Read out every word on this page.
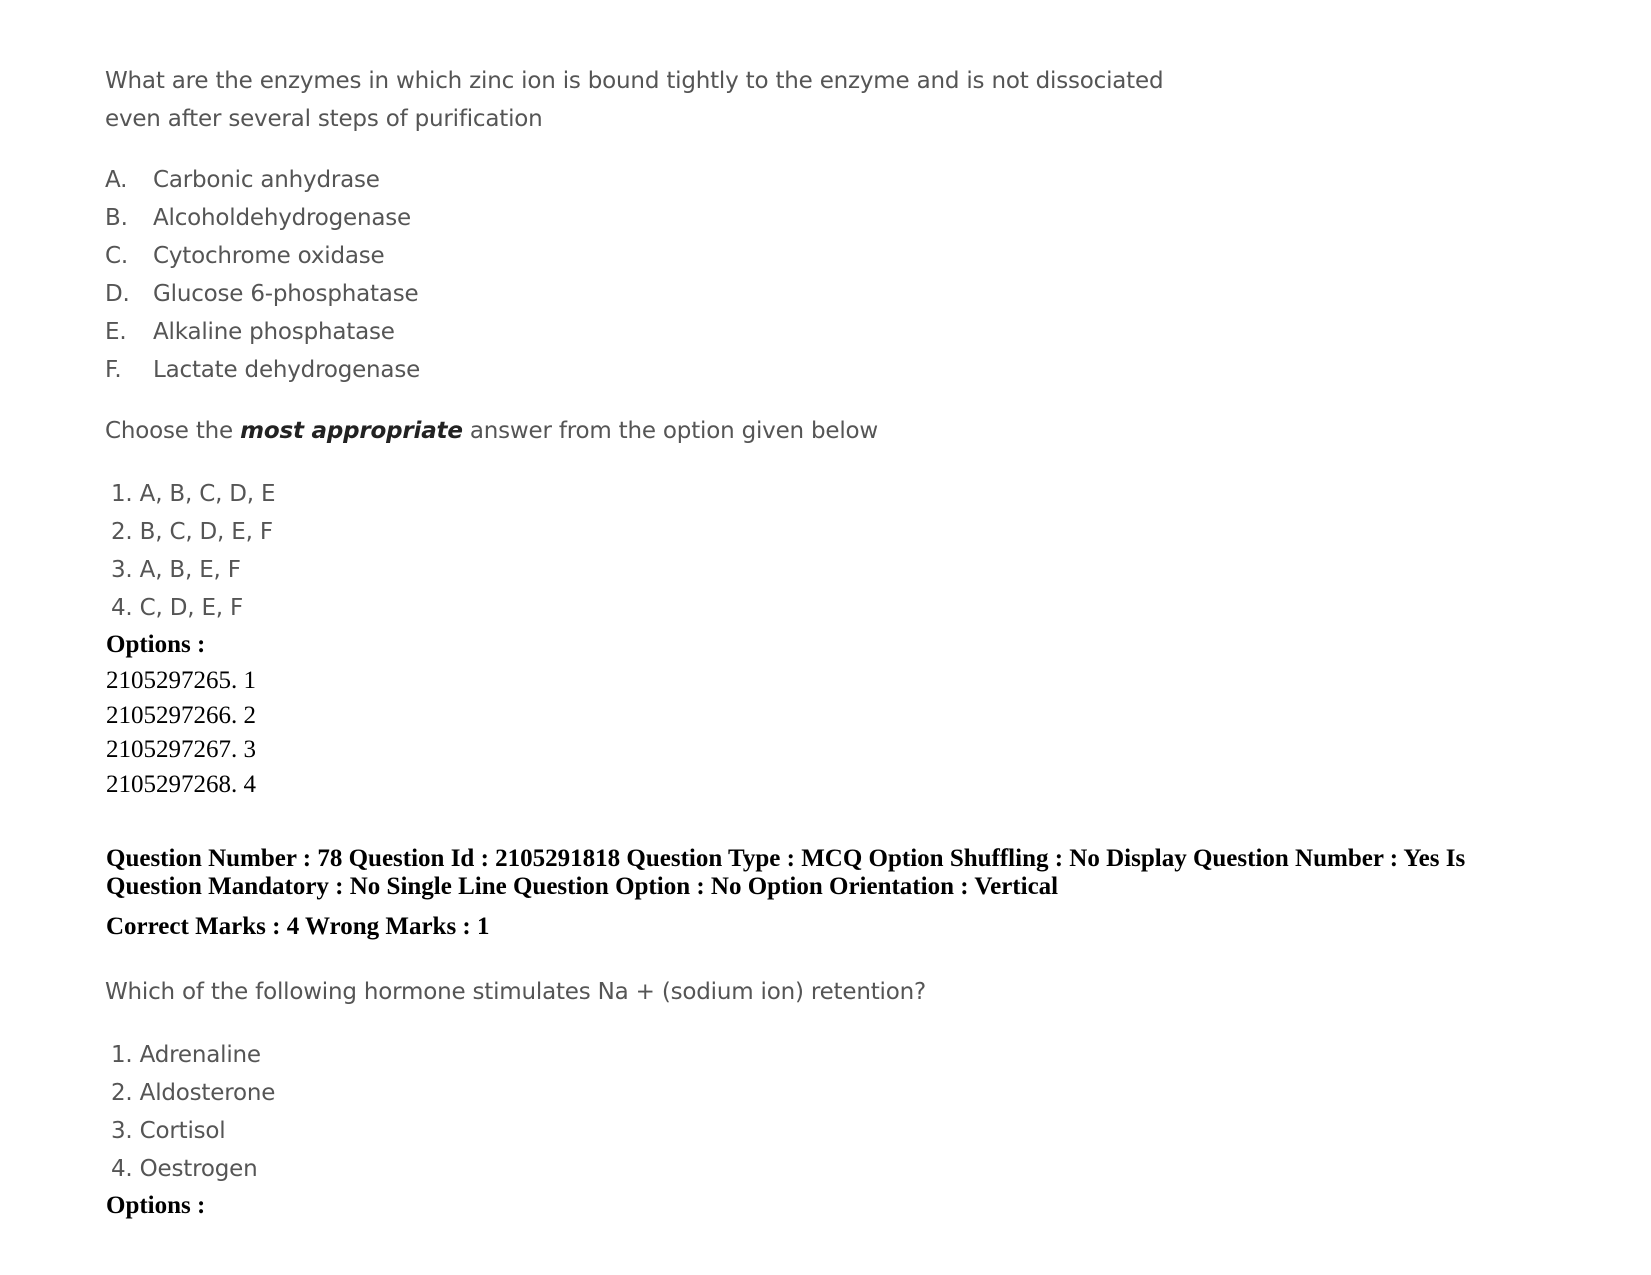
What are the enzymes in which zinc ion is bound tightly to the enzyme and is not dissociated
even after several steps of purification
A.	Carbonic anhydrase
B.	Alcoholdehydrogenase
C.	Cytochrome oxidase
D.	Glucose 6-phosphatase
E.	Alkaline phosphatase
F.	Lactate dehydrogenase
Choose the most appropriate answer from the option given below
1. A, B, C, D, E
2. B, C, D, E, F
3. A, B, E, F
4. C, D, E, F
Options :
2105297265. 1
2105297266. 2
2105297267. 3
2105297268. 4
Question Number : 78 Question Id : 2105291818 Question Type : MCQ Option Shuffling : No Display Question Number : Yes Is
Question Mandatory : No Single Line Question Option : No Option Orientation : Vertical
Correct Marks : 4 Wrong Marks : 1
Which of the following hormone stimulates Na + (sodium ion) retention?
1. Adrenaline
2. Aldosterone
3. Cortisol
4. Oestrogen
Options :
